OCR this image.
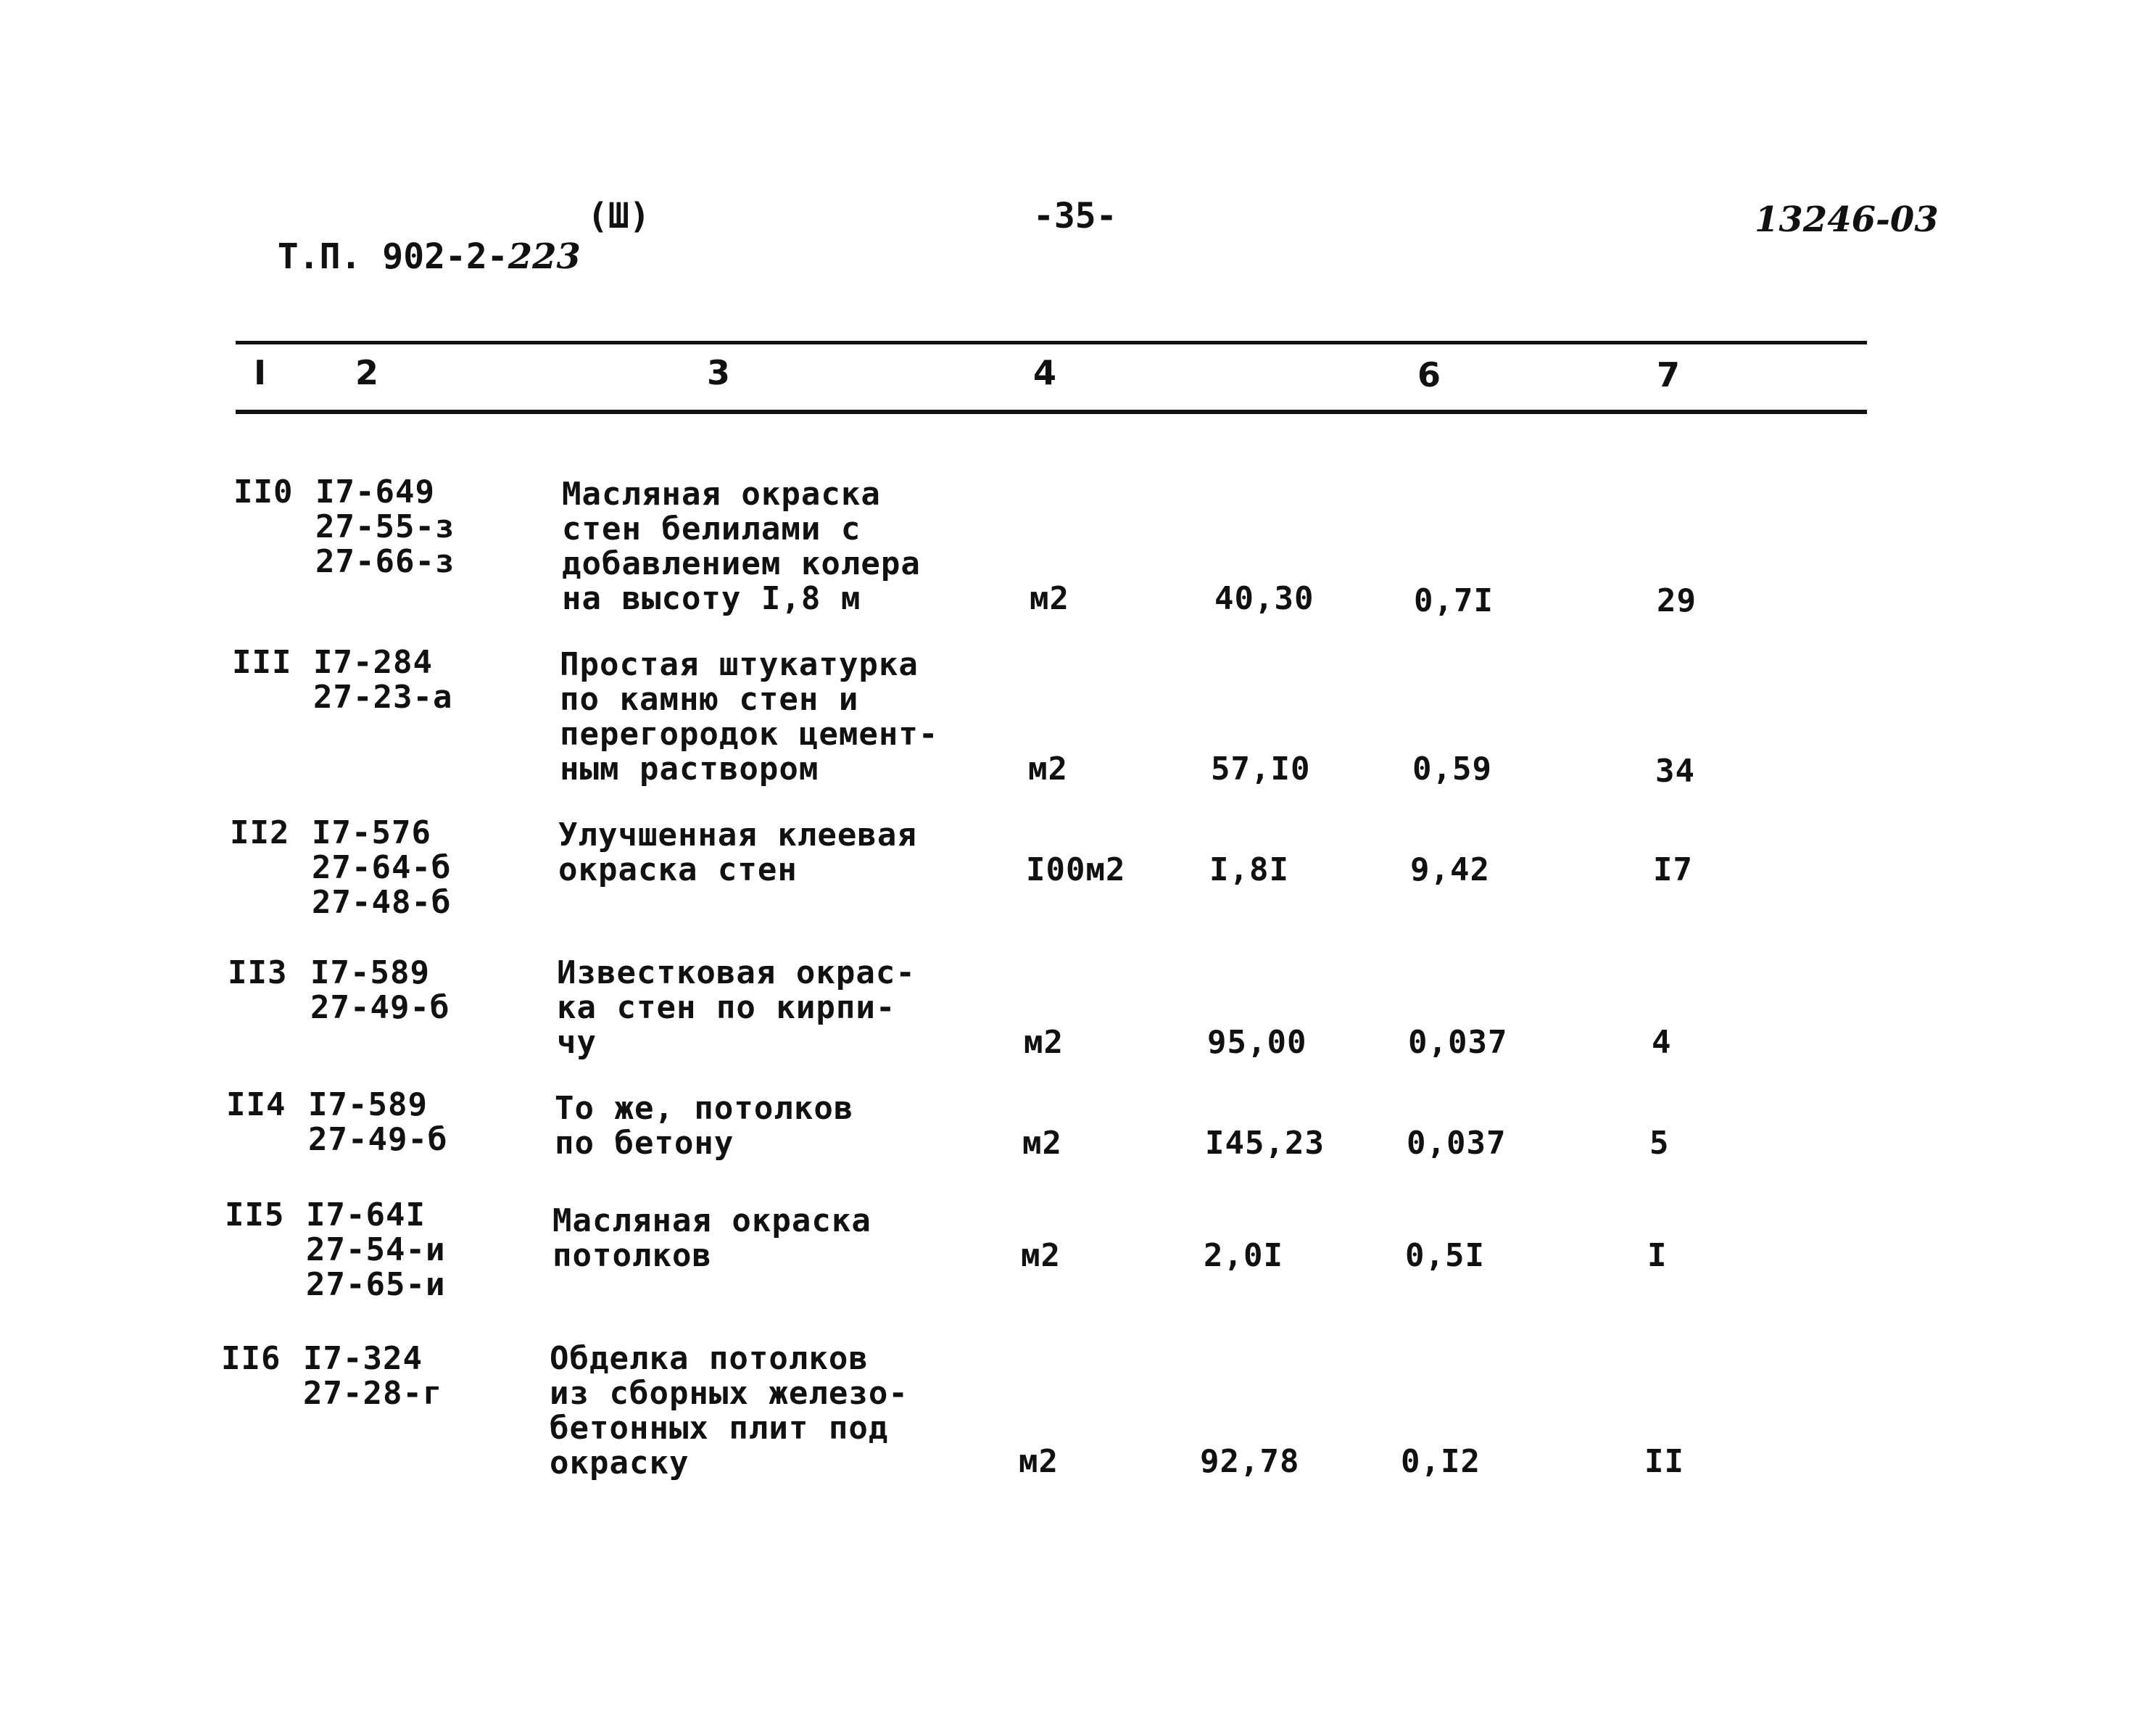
Т.П. 902-2-223

(Ш)	-35-	13246-03
I	2	3	4	6	7
II0 I7-649
27-55-з
27-66-з
Масляная окраска
стен белилами с
добавлением колера
на высоту I,8 м	м2	40,30	0,7I	29
III I7-284
27-23-а
Простая штукатурка
по камню стен и
перегородок цемент-
ным раствором	м2	57,I0	0,59	34
II2 I7-576
27-64-б
27-48-б
Улучшенная клеевая
окраска стен	I00м2	I,8I	9,42	I7
II3 I7-589
27-49-б
Известковая окрас-
ка стен по кирпи-
чу	м2	95,00	0,037	4
II4 I7-589
27-49-б
То же, потолков
по бетону	м2	I45,23	0,037	5
II5 I7-64I
27-54-и
27-65-и
Масляная окраска
потолков	м2	2,0I	0,5I	I
II6 I7-324
27-28-г
Обделка потолков
из сборных железо-
бетонных плит под
окраску	м2	92,78	0,I2	II
